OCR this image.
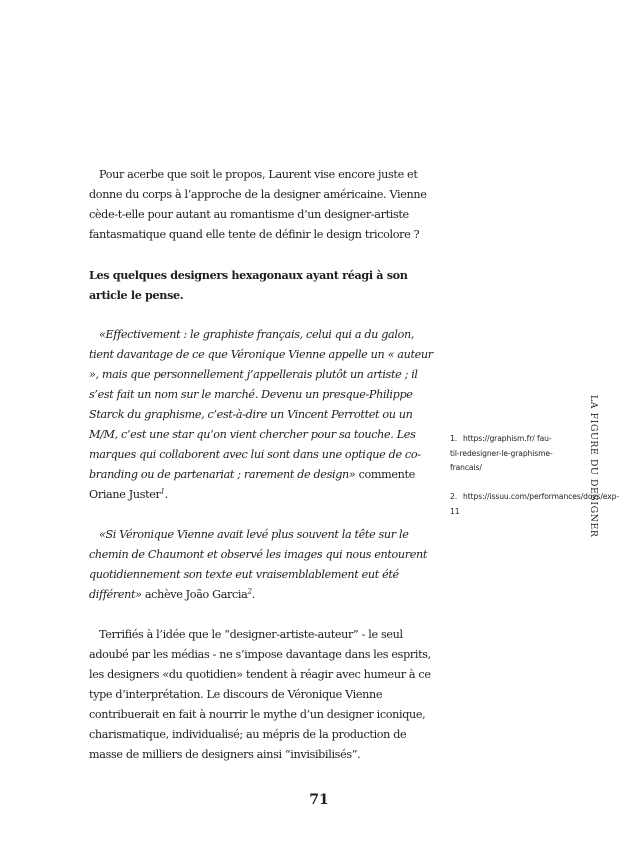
Pour acerbe que soit le propos, Laurent vise encore juste et donne du corps à l’approche de la designer américaine. Vienne cède-t-elle pour autant au romantisme d’un designer-artiste fantasmatique quand elle tente de définir le design tricolore ?

Les quelques designers hexagonaux ayant réagi à son article le pense.

«Effectivement : le graphiste français, celui qui a du galon, tient davantage de ce que Véronique Vienne appelle un « auteur », mais que personnellement j’appellerais plutôt un artiste ; il s’est fait un nom sur le marché. Devenu un presque-Philippe Starck du graphisme, c’est-à-dire un Vincent Perrottet ou un M/M, c’est une star qu’on vient chercher pour sa touche. Les marques qui collaborent avec lui sont dans une optique de co-branding ou de partenariat ; rarement de design» commente Oriane Juster$^1$.

«Si Véronique Vienne avait levé plus souvent la tête sur le chemin de Chaumont et observé les images qui nous entourent quotidiennement son texte eut vraisemblablement eut été différent» achève João Garcia$^2$.

Terrifiés à l’idée que le “designer-artiste-auteur” - le seul adoubé par les médias - ne s’impose davantage dans les esprits, les designers «du quotidien» tendent à réagir avec humeur à ce type d’interprétation. Le discours de Véronique Vienne contribuerait en fait à nourrir le mythe d’un designer iconique, charismatique, individualisé; au mépris de la production de masse de milliers de designers ainsi “invisibilisés”.

1. https://graphism.fr/ fau-til-redesigner-le-graphisme-francais/
2. https://issuu.com/performances/docs/exp-11	LA FIGURE DU DESIGNER
71
